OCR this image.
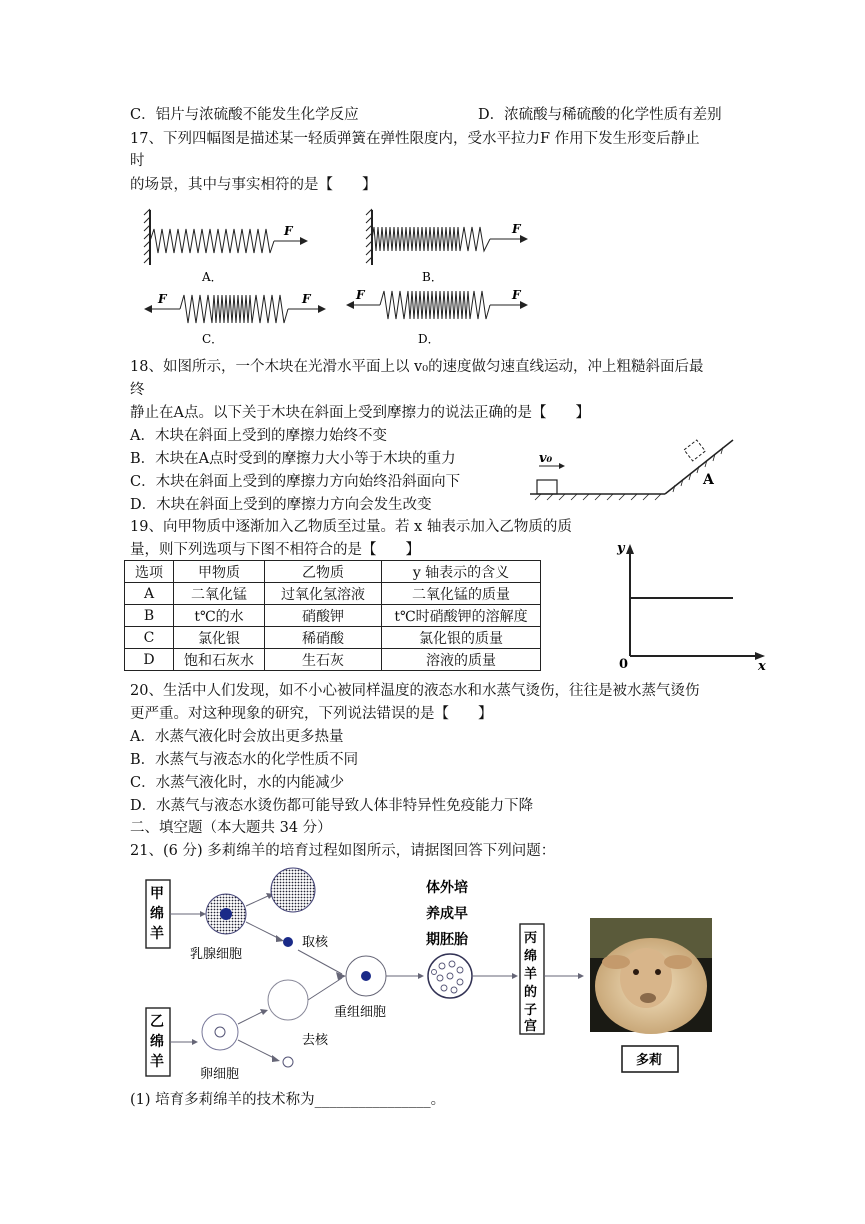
C．铝片与浓硫酸不能发生化学反应	D．浓硫酸与稀硫酸的化学性质有差别
17、下列四幅图是描述某一轻质弹簧在弹性限度内，受水平拉力F 作用下发生形变后静止
时
的场景，其中与事实相符的是【　　】
F
A．
F
B．
F	F
C．
F	F
D．
18、如图所示，一个木块在光滑水平面上以 v₀的速度做匀速直线运动，冲上粗糙斜面后最
终
静止在A点。以下关于木块在斜面上受到摩擦力的说法正确的是【　　】
A．木块在斜面上受到的摩擦力始终不变
B．木块在A点时受到的摩擦力大小等于木块的重力
C．木块在斜面上受到的摩擦力方向始终沿斜面向下
D．木块在斜面上受到的摩擦力方向会发生改变
v₀
A
19、向甲物质中逐渐加入乙物质至过量。若 x 轴表示加入乙物质的质
量，则下列选项与下图不相符合的是【　　】
选项	甲物质	乙物质	y 轴表示的含义
A	二氧化锰	过氧化氢溶液	二氧化锰的质量
B	t℃的水	硝酸钾	t℃时硝酸钾的溶解度
C	氯化银	稀硝酸	氯化银的质量
D	饱和石灰水	生石灰	溶液的质量
y
x
0
20、生活中人们发现，如不小心被同样温度的液态水和水蒸气烫伤，往往是被水蒸气烫伤
更严重。对这种现象的研究，下列说法错误的是【　　】
A．水蒸气液化时会放出更多热量
B．水蒸气与液态水的化学性质不同
C．水蒸气液化时，水的内能减少
D．水蒸气与液态水烫伤都可能导致人体非特异性免疫能力下降
二、填空题（本大题共 34 分）
21、(6 分) 多莉绵羊的培育过程如图所示，请据图回答下列问题：
甲
绵
羊
乳腺细胞
取核
重组细胞
体外培
养成早
期胚胎	丙
绵
羊
的
子
宫
多莉
乙
绵
羊
卵细胞
去核
(1) 培育多莉绵羊的技术称为________________。
